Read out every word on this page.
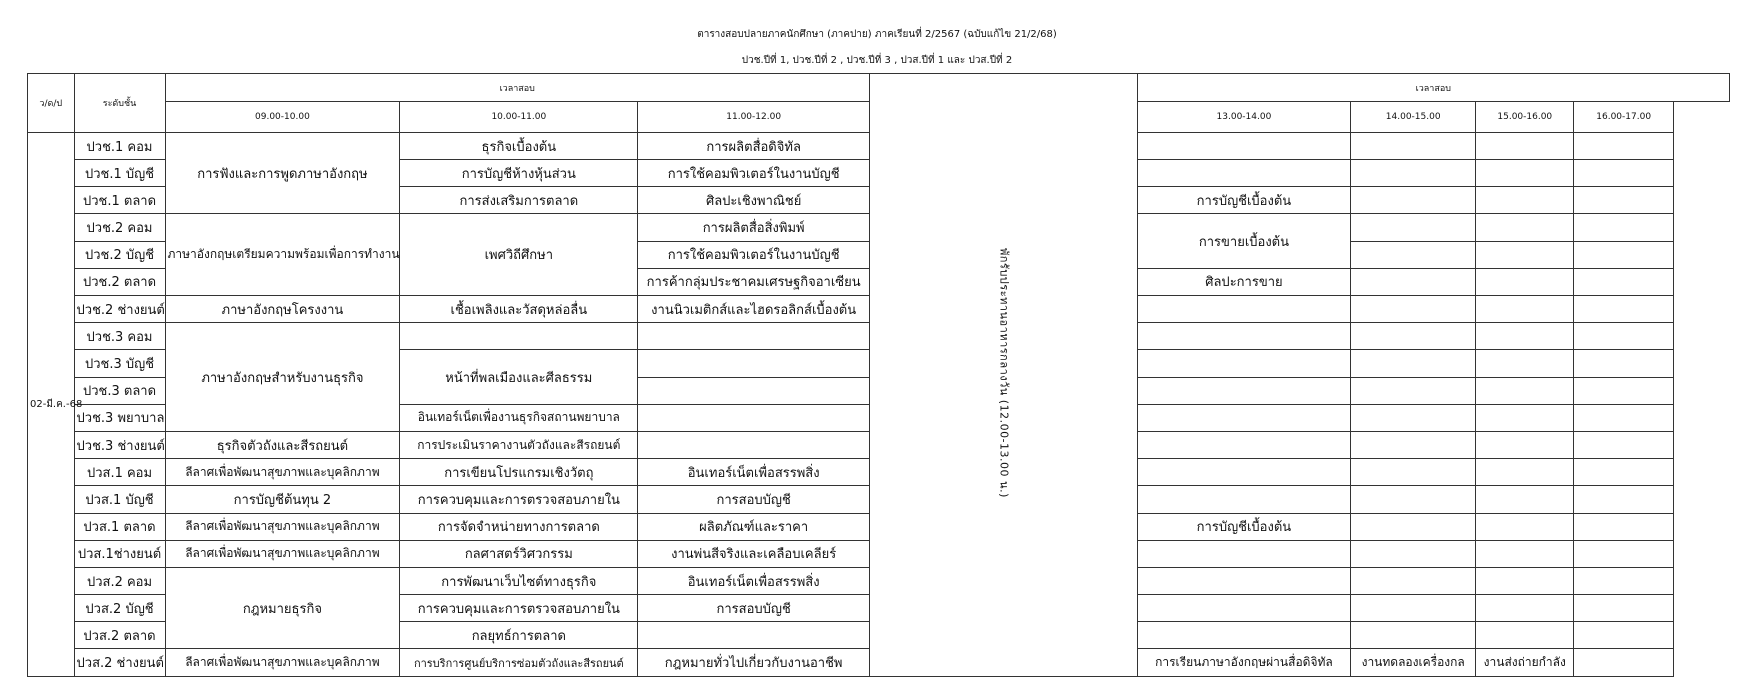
ตารางสอบปลายภาคนักศึกษา (ภาคปาย) ภาคเรียนที่ 2/2567 (ฉบับแก้ไข 21/2/68)
ปวช.ปีที่ 1, ปวช.ปีที่ 2 , ปวช.ปีที่ 3 , ปวส.ปีที่ 1 และ ปวส.ปีที่ 2
ว/ด/ป	ระดับชั้น	เวลาสอบ			พักรับประทานอาหารกลางวัน (12.00-13.00 น.)	เวลาสอบ			
		09.00-10.00	10.00-11.00	11.00-12.00		13.00-14.00	14.00-15.00	15.00-16.00	16.00-17.00
02-มี.ค.-68	ปวช.1 คอม	การฟังและการพูดภาษาอังกฤษ	ธุรกิจเบื้องต้น	การผลิตสื่อดิจิทัล					
	ปวช.1 บัญชี		การบัญชีห้างหุ้นส่วน	การใช้คอมพิวเตอร์ในงานบัญชี					
	ปวช.1 ตลาด		การส่งเสริมการตลาด	ศิลปะเชิงพาณิชย์		การบัญชีเบื้องต้น			
	ปวช.2 คอม	ภาษาอังกฤษเตรียมความพร้อมเพื่อการทำงาน	เพศวิถีศึกษา	การผลิตสื่อสิ่งพิมพ์		การขายเบื้องต้น			
	ปวช.2 บัญชี			การใช้คอมพิวเตอร์ในงานบัญชี					
	ปวช.2 ตลาด			การค้ากลุ่มประชาคมเศรษฐกิจอาเซียน		ศิลปะการขาย			
	ปวช.2 ช่างยนต์	ภาษาอังกฤษโครงงาน	เชื้อเพลิงและวัสดุหล่อลื่น	งานนิวเมติกส์และไฮดรอลิกส์เบื้องต้น					
	ปวช.3 คอม	ภาษาอังกฤษสำหรับงานธุรกิจ							
	ปวช.3 บัญชี		หน้าที่พลเมืองและศีลธรรม						
	ปวช.3 ตลาด								
	ปวช.3 พยาบาล		อินเทอร์เน็ตเพื่องานธุรกิจสถานพยาบาล						
	ปวช.3 ช่างยนต์	ธุรกิจตัวถังและสีรถยนต์	การประเมินราคางานตัวถังและสีรถยนต์						
	ปวส.1 คอม	ลีลาศเพื่อพัฒนาสุขภาพและบุคลิกภาพ	การเขียนโปรแกรมเชิงวัตถุ	อินเทอร์เน็ตเพื่อสรรพสิ่ง					
	ปวส.1 บัญชี	การบัญชีต้นทุน 2	การควบคุมและการตรวจสอบภายใน	การสอบบัญชี					
	ปวส.1 ตลาด	ลีลาศเพื่อพัฒนาสุขภาพและบุคลิกภาพ	การจัดจำหน่ายทางการตลาด	ผลิตภัณฑ์และราคา		การบัญชีเบื้องต้น			
	ปวส.1ช่างยนต์	ลีลาศเพื่อพัฒนาสุขภาพและบุคลิกภาพ	กลศาสตร์วิศวกรรม	งานพ่นสีจริงและเคลือบเคลียร์					
	ปวส.2 คอม	กฎหมายธุรกิจ	การพัฒนาเว็บไซต์ทางธุรกิจ	อินเทอร์เน็ตเพื่อสรรพสิ่ง					
	ปวส.2 บัญชี		การควบคุมและการตรวจสอบภายใน	การสอบบัญชี					
	ปวส.2 ตลาด		กลยุทธ์การตลาด						
	ปวส.2 ช่างยนต์	ลีลาศเพื่อพัฒนาสุขภาพและบุคลิกภาพ	การบริการศูนย์บริการซ่อมตัวถังและสีรถยนต์	กฎหมายทั่วไปเกี่ยวกับงานอาชีพ		การเรียนภาษาอังกฤษผ่านสื่อดิจิทัล	งานทดลองเครื่องกล	งานส่งถ่ายกำลัง	
